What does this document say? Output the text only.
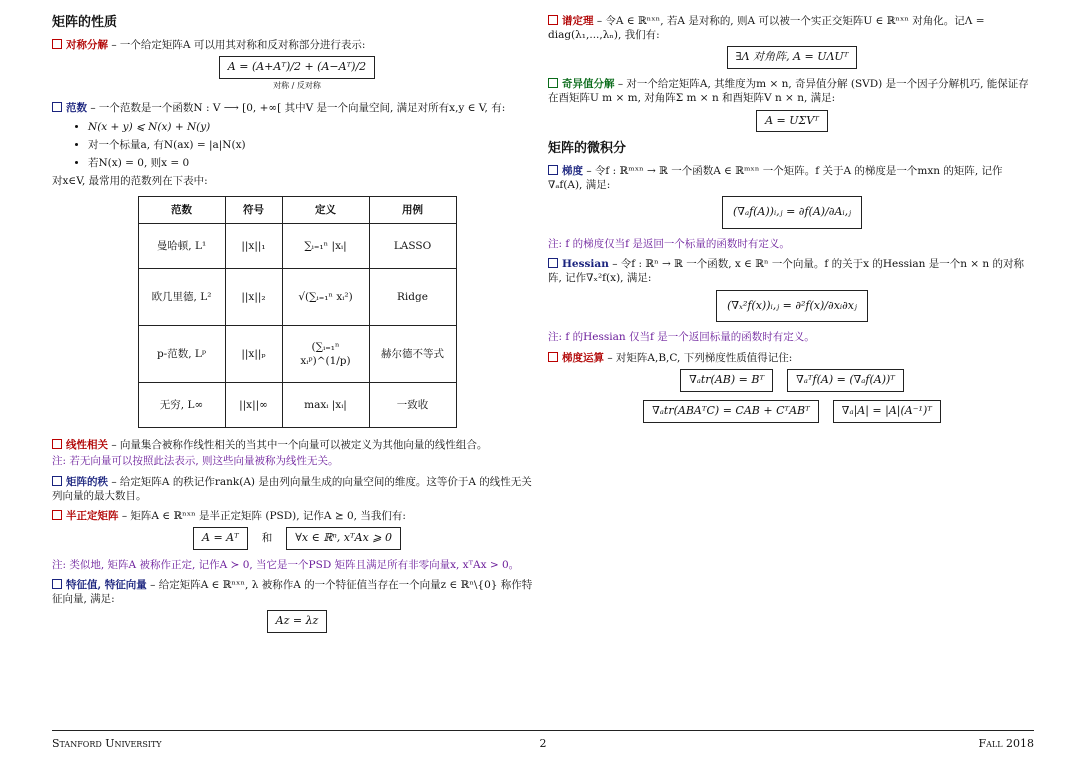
矩阵的性质
对称分解 – 一个给定矩阵A 可以用其对称和反对称部分进行表示:
A = (A+Aᵀ)/2 + (A−Aᵀ)/2
对称 / 反对称
范数 – 一个范数是一个函数N : V ⟶ [0, +∞[ 其中V 是一个向量空间, 满足对所有x,y ∈ V, 有:
• N(x + y) ⩽ N(x) + N(y)
• 对一个标量a, 有N(ax) = |a|N(x)
• 若N(x) = 0, 则x = 0
对x∈V, 最常用的范数列在下表中:
范数	符号	定义	用例
曼哈顿, L¹	||x||₁	∑ᵢ₌₁ⁿ |xᵢ|	LASSO
欧几里德, L²	||x||₂	√(∑ᵢ₌₁ⁿ xᵢ²)	Ridge
p-范数, Lᵖ	||x||ₚ	(∑ᵢ₌₁ⁿ xᵢᵖ)^(1/p)	赫尔德不等式
无穷, L∞	||x||∞	maxᵢ |xᵢ|	一致收
线性相关 – 向量集合被称作线性相关的当其中一个向量可以被定义为其他向量的线性组合。
注: 若无向量可以按照此法表示, 则这些向量被称为线性无关。
矩阵的秩 – 给定矩阵A 的秩记作rank(A) 是由列向量生成的向量空间的维度。这等价于A 的线性无关列向量的最大数目。
半正定矩阵 – 矩阵A ∈ ℝⁿˣⁿ 是半正定矩阵 (PSD), 记作A ⪰ 0, 当我们有:
A = Aᵀ 和 ∀x ∈ ℝⁿ, xᵀAx ⩾ 0
注: 类似地, 矩阵A 被称作正定, 记作A ≻ 0, 当它是一个PSD 矩阵且满足所有非零向量x, xᵀAx > 0。
特征值, 特征向量 – 给定矩阵A ∈ ℝⁿˣⁿ, λ 被称作A 的一个特征值当存在一个向量z ∈ ℝⁿ\{0} 称作特征向量, 满足:
Az = λz
谱定理 – 令A ∈ ℝⁿˣⁿ, 若A 是对称的, 则A 可以被一个实正交矩阵U ∈ ℝⁿˣⁿ 对角化。记Λ = diag(λ₁,...,λₙ), 我们有:
∃Λ 对角阵, A = UΛUᵀ
奇异值分解 – 对一个给定矩阵A, 其维度为m × n, 奇异值分解 (SVD) 是一个因子分解机巧, 能保证存在酉矩阵U m × m, 对角阵Σ m × n 和酉矩阵V n × n, 满足:
A = UΣVᵀ
矩阵的微积分
梯度 – 令f : ℝᵐˣⁿ → ℝ 一个函数A ∈ ℝᵐˣⁿ 一个矩阵。f 关于A 的梯度是一个mxn 的矩阵, 记作∇ₐf(A), 满足:
(∇ₐf(A))ᵢ,ⱼ = ∂f(A)/∂Aᵢ,ⱼ
注: f 的梯度仅当f 是返回一个标量的函数时有定义。
Hessian – 令f : ℝⁿ → ℝ 一个函数, x ∈ ℝⁿ 一个向量。f 的关于x 的Hessian 是一个n × n 的对称阵, 记作∇ₓ²f(x), 满足:
(∇ₓ²f(x))ᵢ,ⱼ = ∂²f(x)/∂xᵢ∂xⱼ
注: f 的Hessian 仅当f 是一个返回标量的函数时有定义。
梯度运算 – 对矩阵A,B,C, 下列梯度性质值得记住:
∇ₐtr(AB) = Bᵀ	∇ₐᵀf(A) = (∇ₐf(A))ᵀ
∇ₐtr(ABAᵀC) = CAB + CᵀABᵀ	∇ₐ|A| = |A|(A⁻¹)ᵀ
Stanford University	2	Fall 2018
